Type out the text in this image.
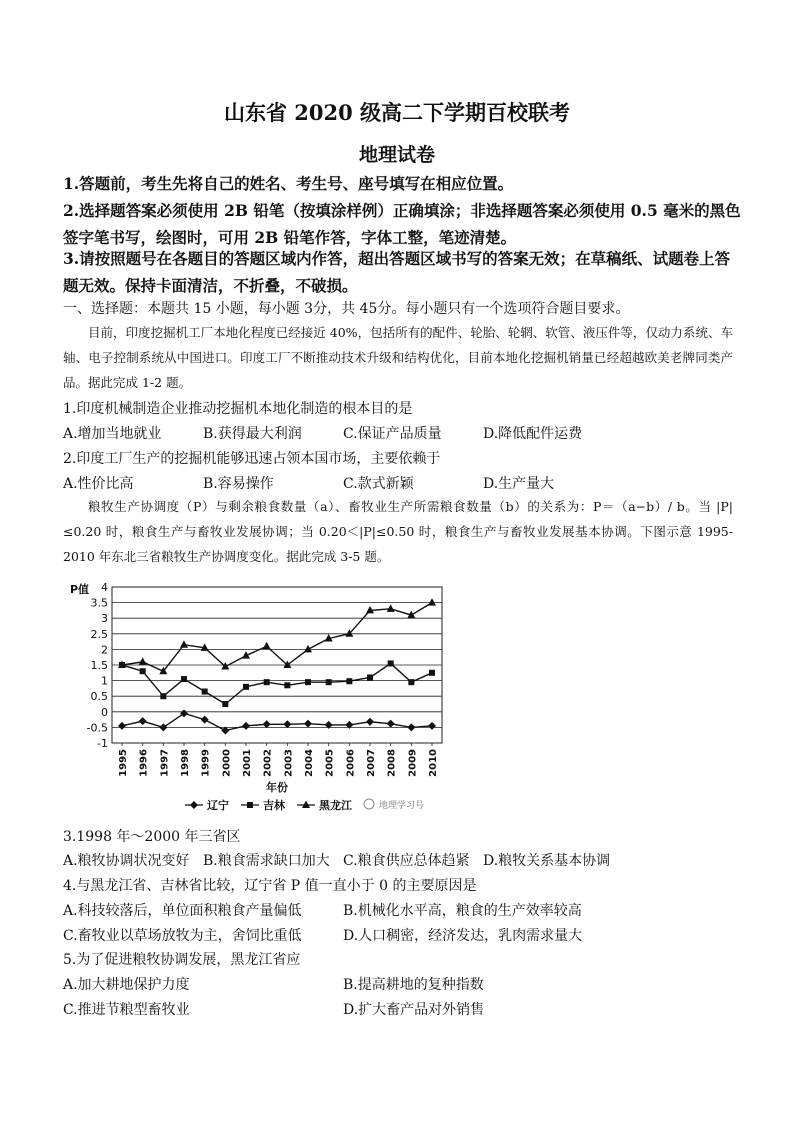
山东省 2020 级高二下学期百校联考
地理试卷
1.答题前，考生先将自己的姓名、考生号、座号填写在相应位置。
2.选择题答案必须使用 2B 铅笔（按填涂样例）正确填涂；非选择题答案必须使用 0.5 毫米的黑色签字笔书写，绘图时，可用 2B 铅笔作答，字体工整，笔迹清楚。
3.请按照题号在各题目的答题区域内作答，超出答题区域书写的答案无效；在草稿纸、试题卷上答题无效。保持卡面清洁，不折叠，不破损。
一、选择题：本题共 15 小题，每小题 3分，共 45分。每小题只有一个选项符合题目要求。
目前，印度挖掘机工厂本地化程度已经接近 40%，包括所有的配件、轮胎、轮辋、软管、液压件等，仅动力系统、车轴、电子控制系统从中国进口。印度工厂不断推动技术升级和结构优化，目前本地化挖掘机销量已经超越欧美老牌同类产品。据此完成 1-2 题。
1.印度机械制造企业推动挖掘机本地化制造的根本目的是
A.增加当地就业	B.获得最大利润	C.保证产品质量	D.降低配件运费
2.印度工厂生产的挖掘机能够迅速占领本国市场，主要依赖于
A.性价比高	B.容易操作	C.款式新颖	D.生产量大
粮牧生产协调度（P）与剩余粮食数量（a）、畜牧业生产所需粮食数量（b）的关系为：P＝（a−b）/ b。当 |P|≤0.20 时，粮食生产与畜牧业发展协调；当 0.20＜|P|≤0.50 时，粮食生产与畜牧业发展基本协调。下图示意 1995-2010 年东北三省粮牧生产协调度变化。据此完成 3-5 题。
4
3.5
3
2.5
2
1.5
1
0.5
0
-0.5
-1
1995 1996 1997 1998 1999 2000 2001 2002 2003 2004 2005 2006 2007 2008 2009 2010
P值
年份
辽宁	吉林	黑龙江	地理学习号
3.1998 年～2000 年三省区
A.粮牧协调状况变好 B.粮食需求缺口加大 C.粮食供应总体趋紧 D.粮牧关系基本协调
4.与黑龙江省、吉林省比较，辽宁省 P 值一直小于 0 的主要原因是
A.科技较落后，单位面积粮食产量偏低	B.机械化水平高，粮食的生产效率较高
C.畜牧业以草场放牧为主，舍饲比重低	D.人口稠密，经济发达，乳肉需求量大
5.为了促进粮牧协调发展，黑龙江省应
A.加大耕地保护力度	B.提高耕地的复种指数
C.推进节粮型畜牧业	D.扩大畜产品对外销售
